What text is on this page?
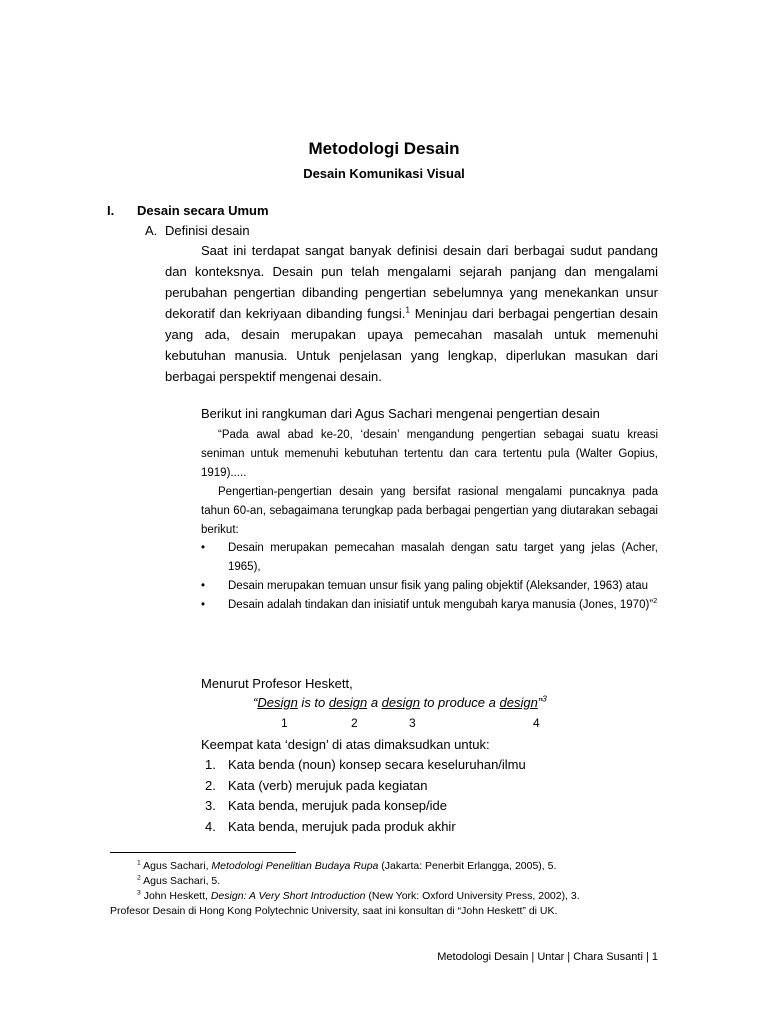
Metodologi Desain
Desain Komunikasi Visual
I. Desain secara Umum
A. Definisi desain

Saat ini terdapat sangat banyak definisi desain dari berbagai sudut pandang dan konteksnya. Desain pun telah mengalami sejarah panjang dan mengalami perubahan pengertian dibanding pengertian sebelumnya yang menekankan unsur dekoratif dan kekriyaan dibanding fungsi.$^1$ Meninjau dari berbagai pengertian desain yang ada, desain merupakan upaya pemecahan masalah untuk memenuhi kebutuhan manusia. Untuk penjelasan yang lengkap, diperlukan masukan dari berbagai perspektif mengenai desain.

Berikut ini rangkuman dari Agus Sachari mengenai pengertian desain

“Pada awal abad ke-20, ‘desain’ mengandung pengertian sebagai suatu kreasi seniman untuk memenuhi kebutuhan tertentu dan cara tertentu pula (Walter Gopius, 1919).....

Pengertian-pengertian desain yang bersifat rasional mengalami puncaknya pada tahun 60-an, sebagaimana terungkap pada berbagai pengertian yang diutarakan sebagai berikut:

• Desain merupakan pemecahan masalah dengan satu target yang jelas (Acher, 1965),
• Desain merupakan temuan unsur fisik yang paling objektif (Aleksander, 1963) atau
• Desain adalah tindakan dan inisiatif untuk mengubah karya manusia (Jones, 1970)”$^2$
Menurut Profesor Heskett,
“Design is to design a design to produce a design”$^3$
1	2	3	4
Keempat kata ‘design’ di atas dimaksudkan untuk:
1. Kata benda (noun) konsep secara keseluruhan/ilmu
2. Kata (verb) merujuk pada kegiatan
3. Kata benda, merujuk pada konsep/ide
4. Kata benda, merujuk pada produk akhir
$^1$ Agus Sachari, Metodologi Penelitian Budaya Rupa (Jakarta: Penerbit Erlangga, 2005), 5.
$^2$ Agus Sachari, 5.
$^3$ John Heskett, Design: A Very Short Introduction (New York: Oxford University Press, 2002), 3.
Profesor Desain di Hong Kong Polytechnic University, saat ini konsultan di “John Heskett” di UK.
Metodologi Desain | Untar | Chara Susanti | 1
